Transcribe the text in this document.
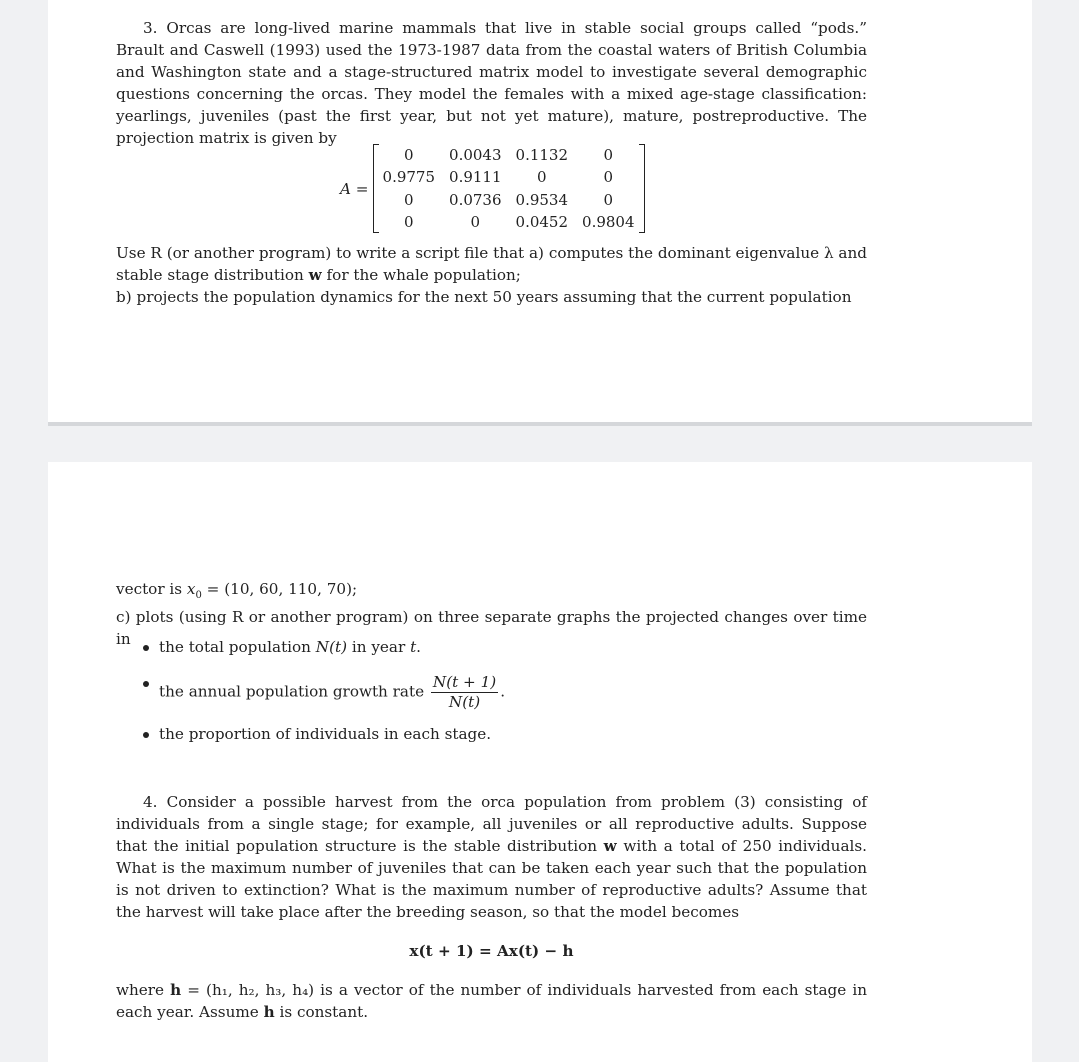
3. Orcas are long-lived marine mammals that live in stable social groups called “pods.” Brault and Caswell (1993) used the 1973-1987 data from the coastal waters of British Columbia and Washington state and a stage-structured matrix model to investigate several demographic questions concerning the orcas. They model the females with a mixed age-stage classification: yearlings, juveniles (past the first year, but not yet mature), mature, postreproductive. The projection matrix is given by

A =
0	0.0043	0.1132	0
0.9775	0.9111	0	0
0	0.0736	0.9534	0
0	0	0.0452	0.9804

Use R (or another program) to write a script file that a) computes the dominant eigenvalue λ and stable stage distribution w for the whale population;

b) projects the population dynamics for the next 50 years assuming that the current population

vector is $x_0 = (10$, 60, 110, 70);

c) plots (using R or another program) on three separate graphs the projected changes over time in	the total population N(t) in year t.
the annual population growth rate $\frac{N(t + 1)}{N(t)}$ .
the proportion of individuals in each stage.

4. Consider a possible harvest from the orca population from problem (3) consisting of individuals from a single stage; for example, all juveniles or all reproductive adults. Suppose that the initial population structure is the stable distribution w with a total of 250 individuals. What is the maximum number of juveniles that can be taken each year such that the population is not driven to extinction? What is the maximum number of reproductive adults? Assume that the harvest will take place after the breeding season, so that the model becomes

x(t + 1) = Ax(t) − h

where h = (h₁, h₂, h₃, h₄) is a vector of the number of individuals harvested from each stage in each year. Assume h is constant.
